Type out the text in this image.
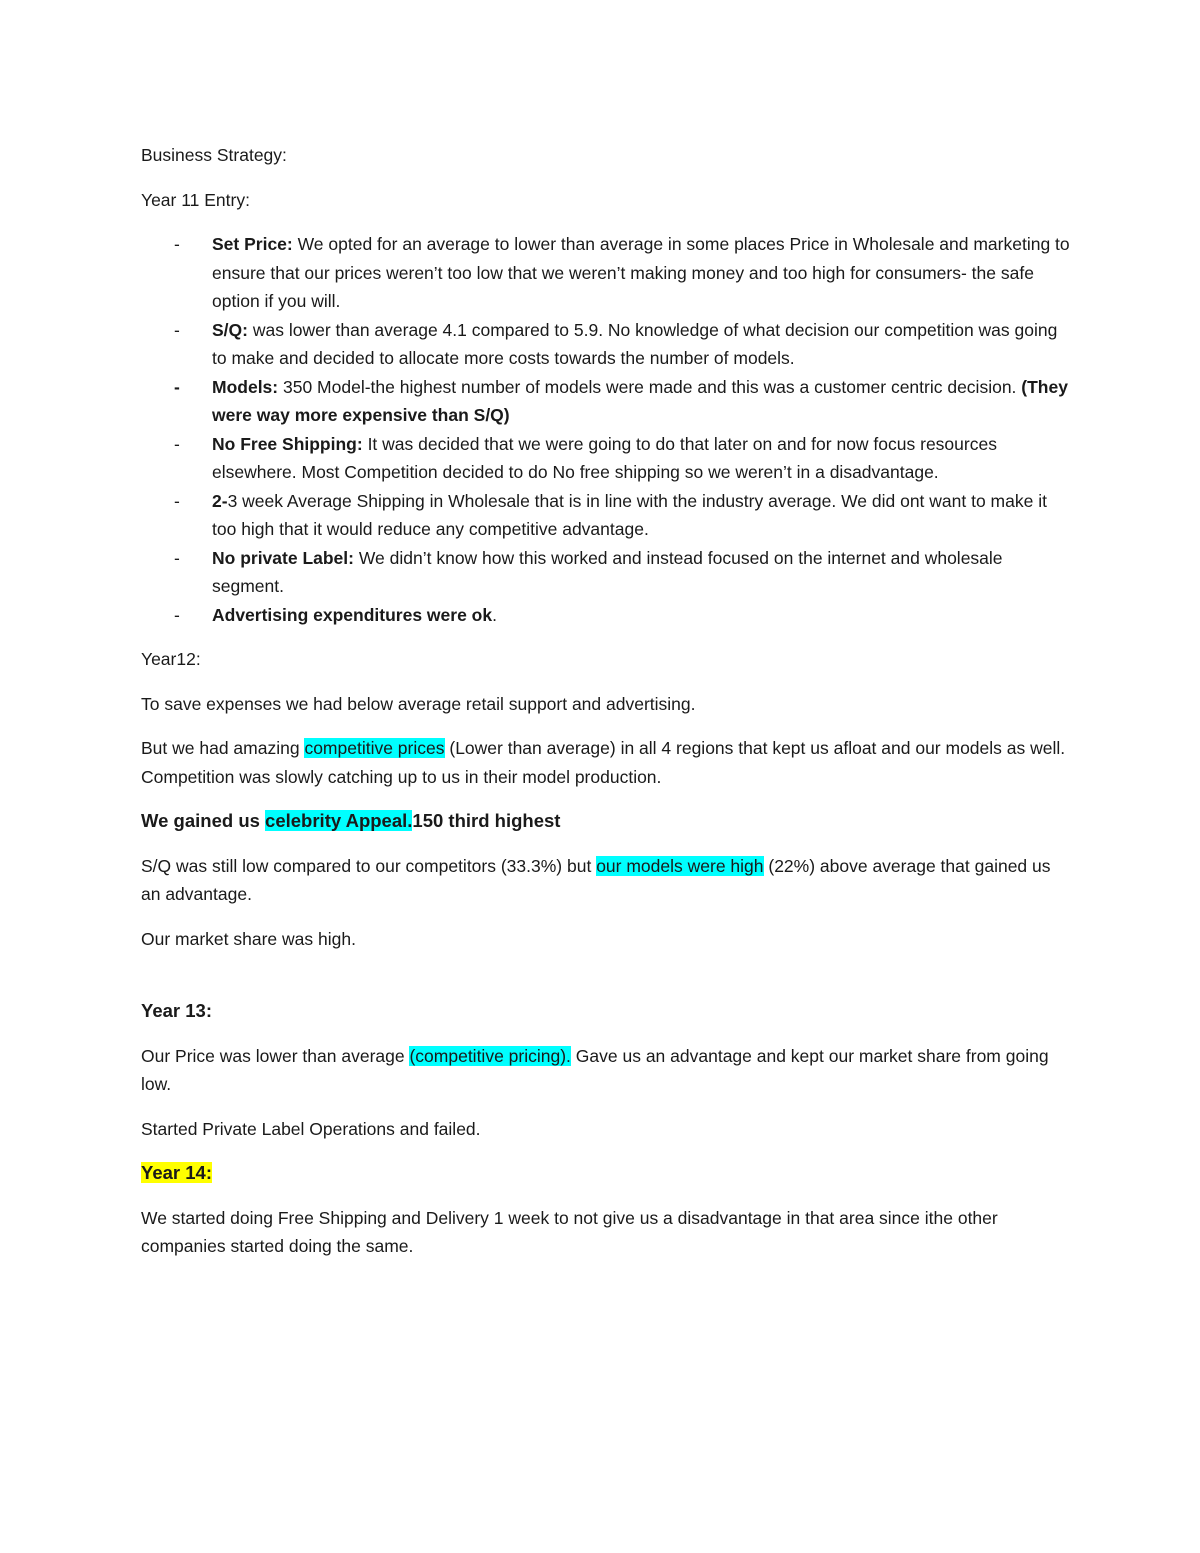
Business Strategy:

Year 11 Entry:

- Set Price: We opted for an average to lower than average in some places Price in Wholesale and marketing to ensure that our prices weren’t too low that we weren’t making money and too high for consumers- the safe option if you will.
- S/Q: was lower than average 4.1 compared to 5.9. No knowledge of what decision our competition was going to make and decided to allocate more costs towards the number of models.
- Models: 350 Model-the highest number of models were made and this was a customer centric decision. (They were way more expensive than S/Q)
- No Free Shipping: It was decided that we were going to do that later on and for now focus resources elsewhere. Most Competition decided to do No free shipping so we weren’t in a disadvantage.
- 2-3 week Average Shipping in Wholesale that is in line with the industry average. We did ont want to make it too high that it would reduce any competitive advantage.
- No private Label: We didn’t know how this worked and instead focused on the internet and wholesale segment.
- Advertising expenditures were ok.

Year12:

To save expenses we had below average retail support and advertising.

But we had amazing competitive prices (Lower than average) in all 4 regions that kept us afloat and our models as well. Competition was slowly catching up to us in their model production.

We gained us celebrity Appeal.150 third highest

S/Q was still low compared to our competitors (33.3%) but our models were high (22%) above average that gained us an advantage.

Our market share was high.

Year 13:

Our Price was lower than average (competitive pricing). Gave us an advantage and kept our market share from going low.

Started Private Label Operations and failed.

Year 14:

We started doing Free Shipping and Delivery 1 week to not give us a disadvantage in that area since ithe other companies started doing the same.
